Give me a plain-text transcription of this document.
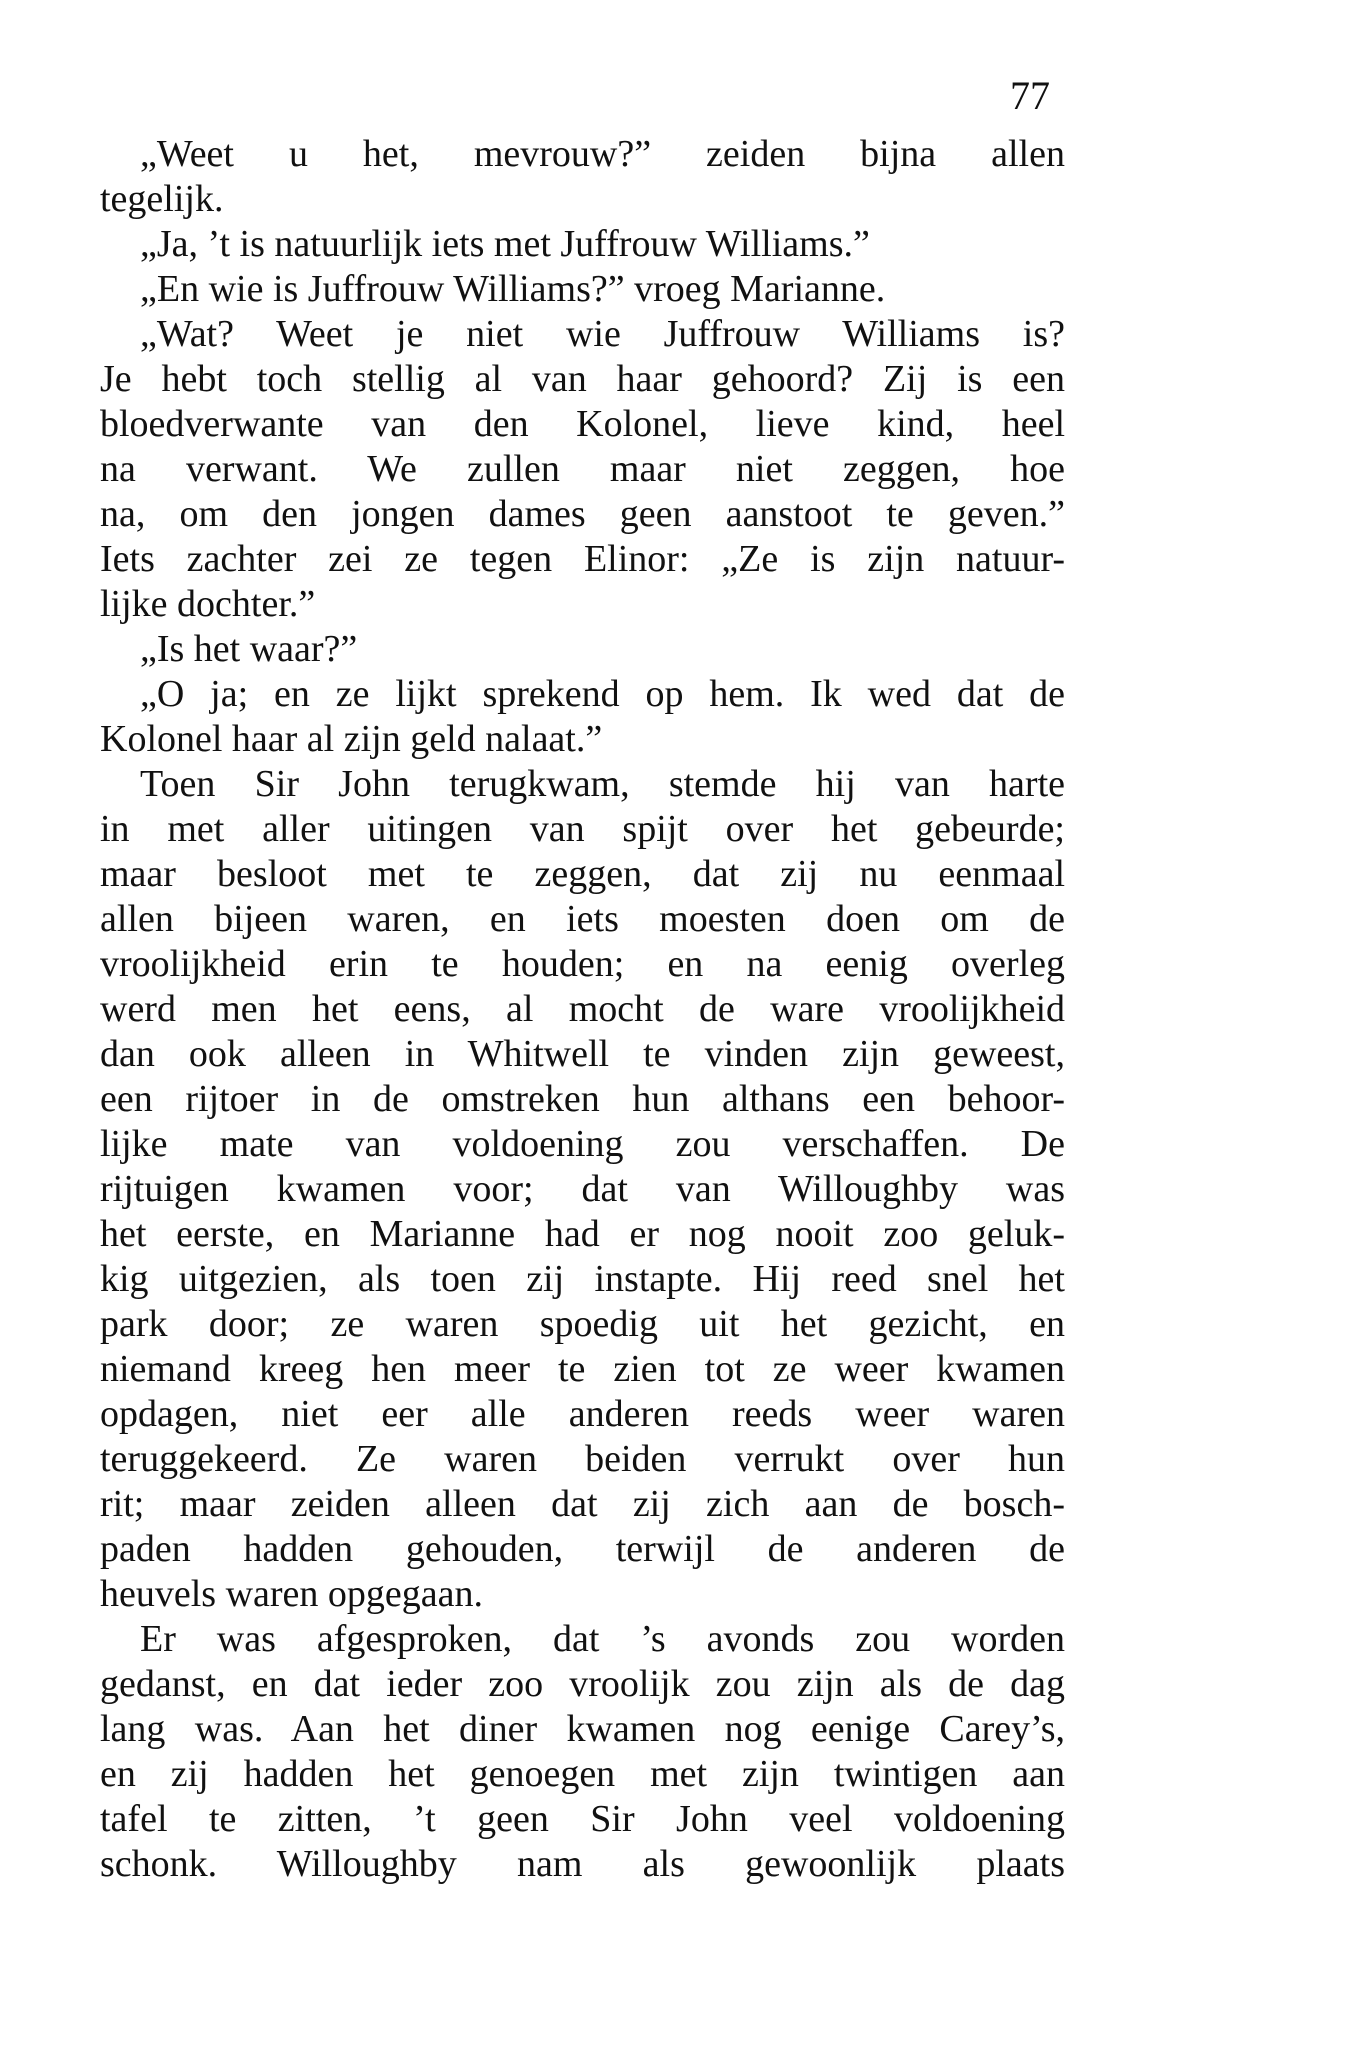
77
„Weet u het, mevrouw?” zeiden bijna allen
tegelijk.
„Ja, ’t is natuurlijk iets met Juffrouw Williams.”
„En wie is Juffrouw Williams?” vroeg Marianne.
„Wat? Weet je niet wie Juffrouw Williams is?
Je hebt toch stellig al van haar gehoord? Zij is een
bloedverwante van den Kolonel, lieve kind, heel
na verwant. We zullen maar niet zeggen, hoe
na, om den jongen dames geen aanstoot te geven.”
Iets zachter zei ze tegen Elinor: „Ze is zijn natuur-
lijke dochter.”
„Is het waar?”
„O ja; en ze lijkt sprekend op hem. Ik wed dat de
Kolonel haar al zijn geld nalaat.”
Toen Sir John terugkwam, stemde hij van harte
in met aller uitingen van spijt over het gebeurde;
maar besloot met te zeggen, dat zij nu eenmaal
allen bijeen waren, en iets moesten doen om de
vroolijkheid erin te houden; en na eenig overleg
werd men het eens, al mocht de ware vroolijkheid
dan ook alleen in Whitwell te vinden zijn geweest,
een rijtoer in de omstreken hun althans een behoor-
lijke mate van voldoening zou verschaffen. De
rijtuigen kwamen voor; dat van Willoughby was
het eerste, en Marianne had er nog nooit zoo geluk-
kig uitgezien, als toen zij instapte. Hij reed snel het
park door; ze waren spoedig uit het gezicht, en
niemand kreeg hen meer te zien tot ze weer kwamen
opdagen, niet eer alle anderen reeds weer waren
teruggekeerd. Ze waren beiden verrukt over hun
rit; maar zeiden alleen dat zij zich aan de bosch-
paden hadden gehouden, terwijl de anderen de
heuvels waren opgegaan.
Er was afgesproken, dat ’s avonds zou worden
gedanst, en dat ieder zoo vroolijk zou zijn als de dag
lang was. Aan het diner kwamen nog eenige Carey’s,
en zij hadden het genoegen met zijn twintigen aan
tafel te zitten, ’t geen Sir John veel voldoening
schonk. Willoughby nam als gewoonlijk plaats
